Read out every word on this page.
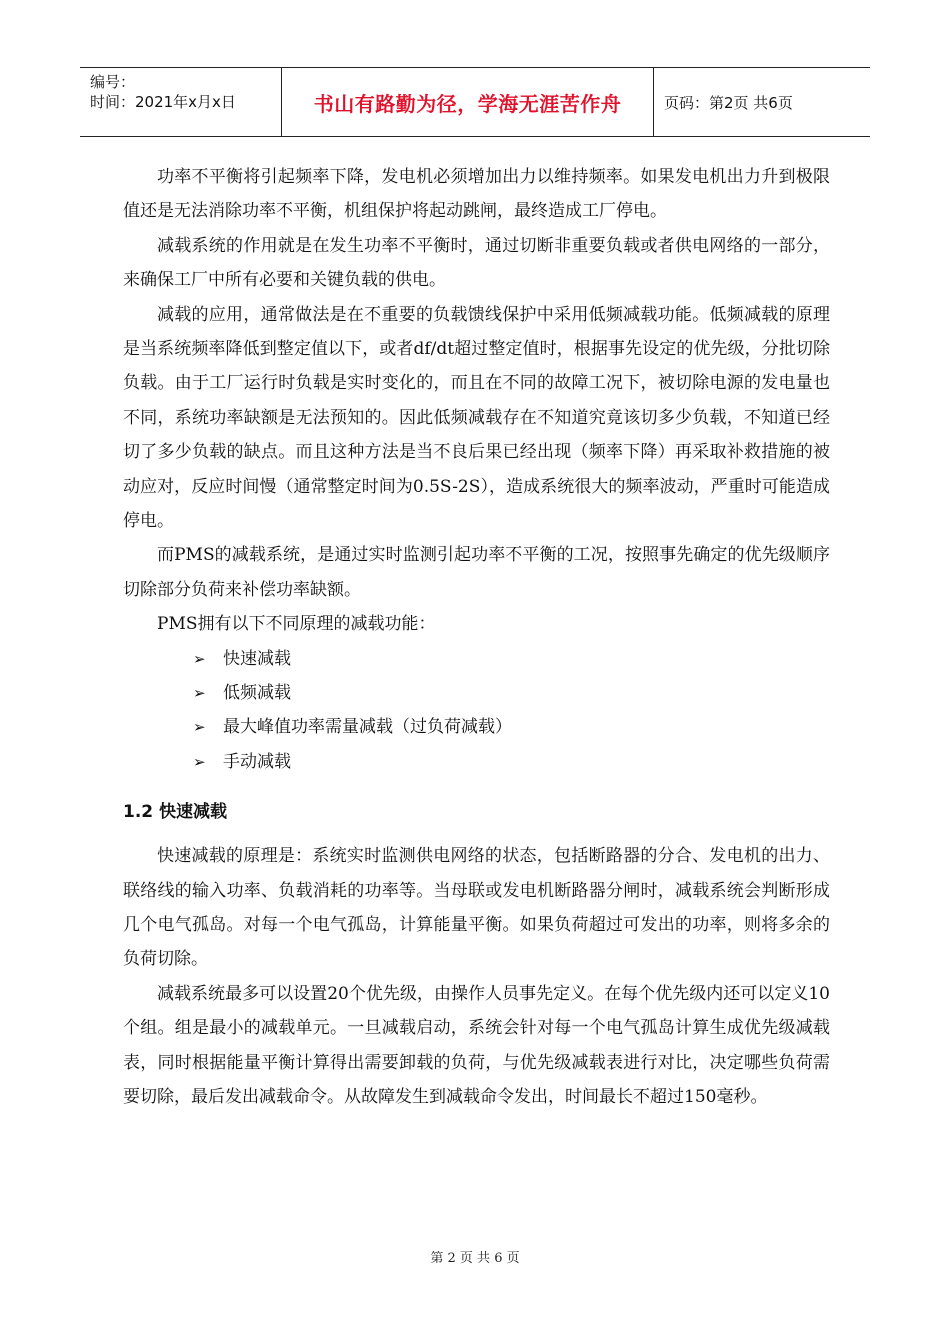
编号：
时间：2021年x月x日	书山有路勤为径，学海无涯苦作舟	页码：第2页 共6页

功率不平衡将引起频率下降，发电机必须增加出力以维持频率。如果发电机出力升到极限值还是无法消除功率不平衡，机组保护将起动跳闸，最终造成工厂停电。

减载系统的作用就是在发生功率不平衡时，通过切断非重要负载或者供电网络的一部分，来确保工厂中所有必要和关键负载的供电。

减载的应用，通常做法是在不重要的负载馈线保护中采用低频减载功能。低频减载的原理是当系统频率降低到整定值以下，或者df/dt超过整定值时，根据事先设定的优先级，分批切除负载。由于工厂运行时负载是实时变化的，而且在不同的故障工况下，被切除电源的发电量也不同，系统功率缺额是无法预知的。因此低频减载存在不知道究竟该切多少负载，不知道已经切了多少负载的缺点。而且这种方法是当不良后果已经出现（频率下降）再采取补救措施的被动应对，反应时间慢（通常整定时间为0.5S-2S），造成系统很大的频率波动，严重时可能造成停电。

而PMS的减载系统，是通过实时监测引起功率不平衡的工况，按照事先确定的优先级顺序切除部分负荷来补偿功率缺额。

PMS拥有以下不同原理的减载功能：

➢	快速减载
➢	低频减载
➢	最大峰值功率需量减载（过负荷减载）
➢	手动减载
1.2 快速减载

快速减载的原理是：系统实时监测供电网络的状态，包括断路器的分合、发电机的出力、联络线的输入功率、负载消耗的功率等。当母联或发电机断路器分闸时，减载系统会判断形成几个电气孤岛。对每一个电气孤岛，计算能量平衡。如果负荷超过可发出的功率，则将多余的负荷切除。

减载系统最多可以设置20个优先级，由操作人员事先定义。在每个优先级内还可以定义10个组。组是最小的减载单元。一旦减载启动，系统会针对每一个电气孤岛计算生成优先级减载表，同时根据能量平衡计算得出需要卸载的负荷，与优先级减载表进行对比，决定哪些负荷需要切除，最后发出减载命令。从故障发生到减载命令发出，时间最长不超过150毫秒。

第 2 页 共 6 页
